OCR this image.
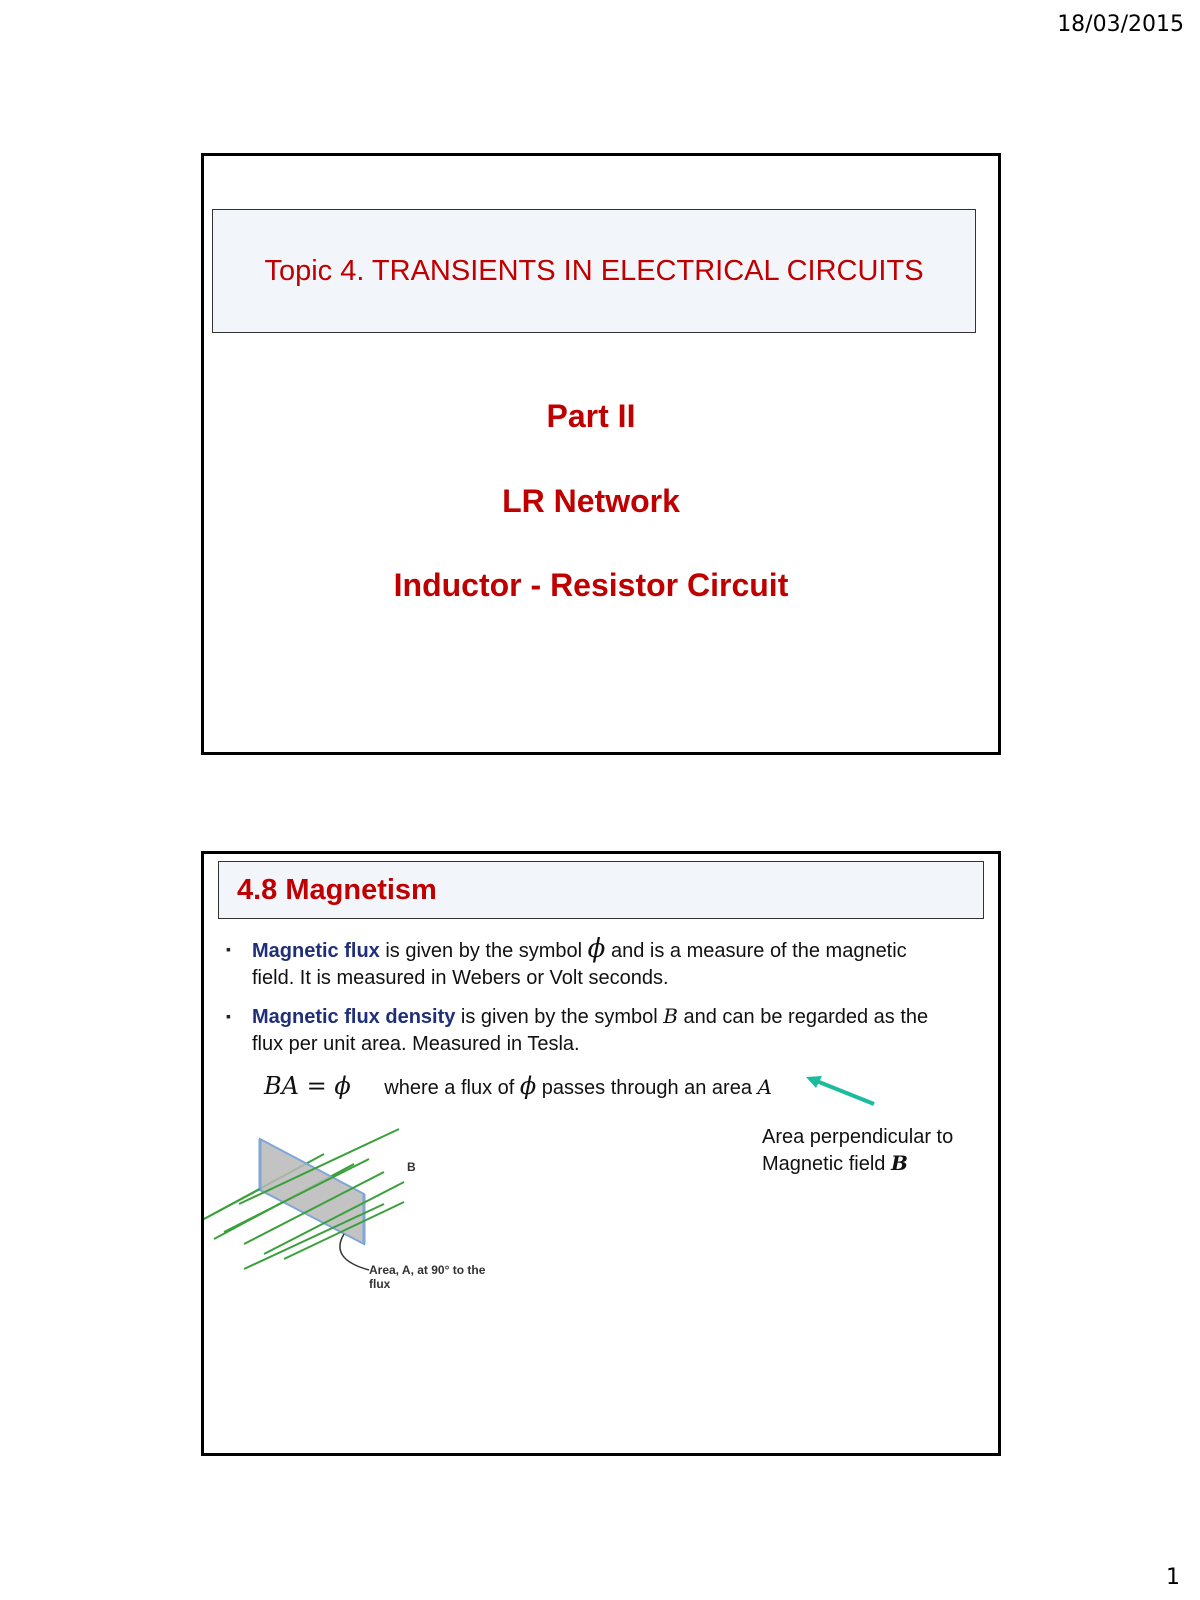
18/03/2015
Topic 4. TRANSIENTS IN ELECTRICAL CIRCUITS
Part II
LR Network
Inductor - Resistor Circuit
4.8 Magnetism
▪ Magnetic flux is given by the symbol ϕ and is a measure of the magnetic field. It is measured in Webers or Volt seconds.
▪ Magnetic flux density is given by the symbol B and can be regarded as the flux per unit area. Measured in Tesla.
BA = ϕ where a flux of ϕ passes through an area A
Area perpendicular to
Magnetic field B
B
Area, A, at 90° to the flux
1
